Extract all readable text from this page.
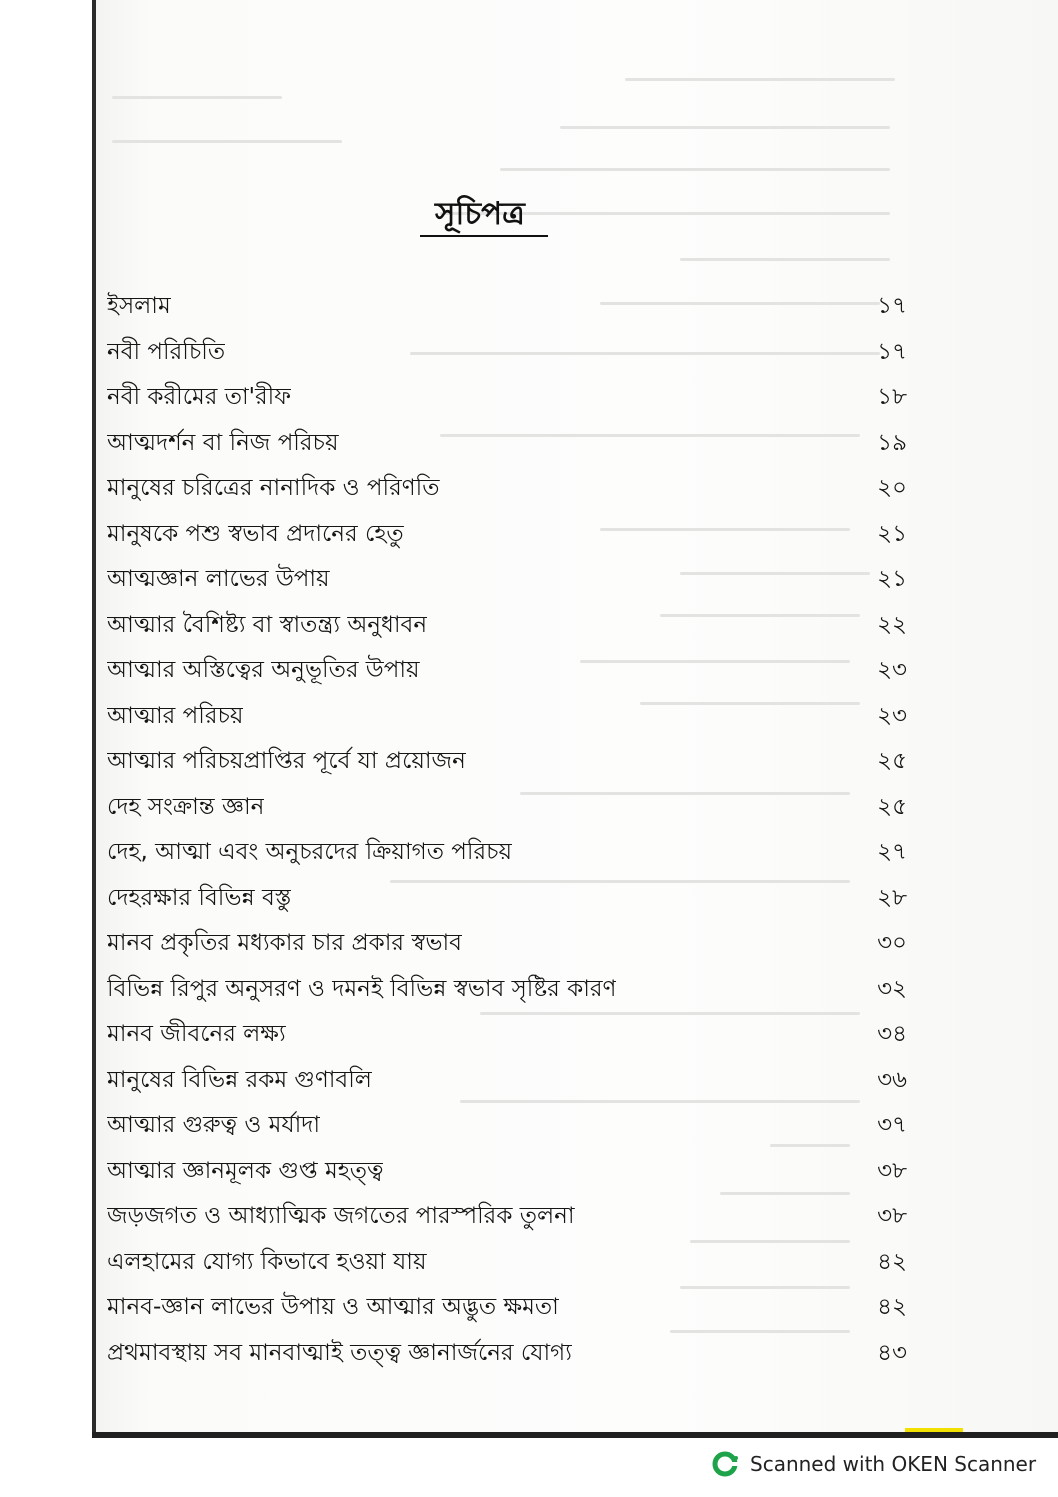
সূচিপত্র
ইসলাম	১৭
নবী পরিচিতি	১৭
নবী করীমের তা'রীফ	১৮
আত্মদর্শন বা নিজ পরিচয়	১৯
মানুষের চরিত্রের নানাদিক ও পরিণতি	২০
মানুষকে পশু স্বভাব প্রদানের হেতু	২১
আত্মজ্ঞান লাভের উপায়	২১
আত্মার বৈশিষ্ট্য বা স্বাতন্ত্র্য অনুধাবন	২২
আত্মার অস্তিত্বের অনুভূতির উপায়	২৩
আত্মার পরিচয়	২৩
আত্মার পরিচয়প্রাপ্তির পূর্বে যা প্রয়োজন	২৫
দেহ সংক্রান্ত জ্ঞান	২৫
দেহ, আত্মা এবং অনুচরদের ক্রিয়াগত পরিচয়	২৭
দেহরক্ষার বিভিন্ন বস্তু	২৮
মানব প্রকৃতির মধ্যকার চার প্রকার স্বভাব	৩০
বিভিন্ন রিপুর অনুসরণ ও দমনই বিভিন্ন স্বভাব সৃষ্টির কারণ	৩২
মানব জীবনের লক্ষ্য	৩৪
মানুষের বিভিন্ন রকম গুণাবলি	৩৬
আত্মার গুরুত্ব ও মর্যাদা	৩৭
আত্মার জ্ঞানমূলক গুপ্ত মহত্ত্ব	৩৮
জড়জগত ও আধ্যাত্মিক জগতের পারস্পরিক তুলনা	৩৮
এলহামের যোগ্য কিভাবে হওয়া যায়	৪২
মানব-জ্ঞান লাভের উপায় ও আত্মার অদ্ভুত ক্ষমতা	৪২
প্রথমাবস্থায় সব মানবাত্মাই তত্ত্ব জ্ঞানার্জনের যোগ্য	৪৩
Scanned with OKEN Scanner
